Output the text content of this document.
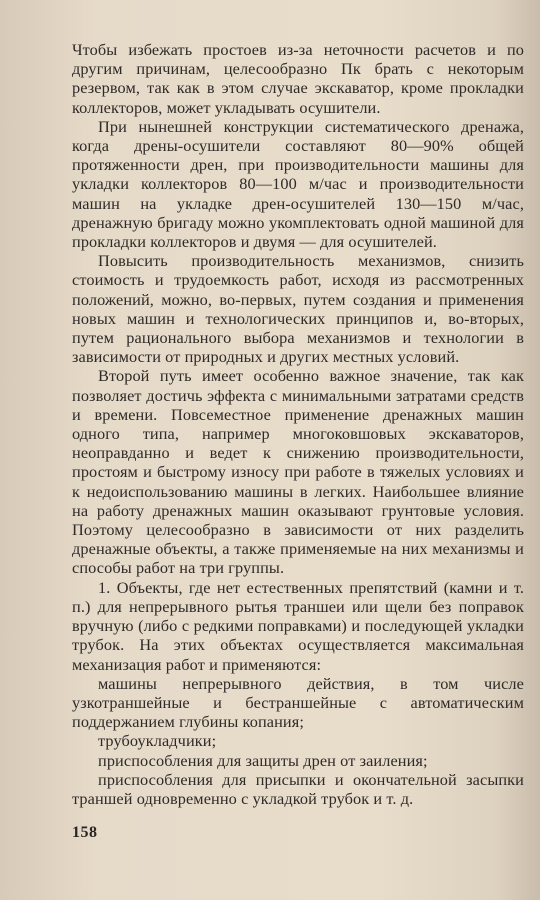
Чтобы избежать простоев из-за неточности расчетов и по другим причинам, целесообразно Пк брать с некоторым резервом, так как в этом случае экскаватор, кроме прокладки коллекторов, может укладывать осушители.

При нынешней конструкции систематического дренажа, когда дрены-осушители составляют 80—90% общей протяженности дрен, при производительности машины для укладки коллекторов 80—100 м/час и производительности машин на укладке дрен-осушителей 130—150 м/час, дренажную бригаду можно укомплектовать одной машиной для прокладки коллекторов и двумя — для осушителей.

Повысить производительность механизмов, снизить стоимость и трудоемкость работ, исходя из рассмотренных положений, можно, во-первых, путем создания и применения новых машин и технологических принципов и, во-вторых, путем рационального выбора механизмов и технологии в зависимости от природных и других местных условий.

Второй путь имеет особенно важное значение, так как позволяет достичь эффекта с минимальными затратами средств и времени. Повсеместное применение дренажных машин одного типа, например многоковшовых экскаваторов, неоправданно и ведет к снижению производительности, простоям и быстрому износу при работе в тяжелых условиях и к недоиспользованию машины в легких. Наибольшее влияние на работу дренажных машин оказывают грунтовые условия. Поэтому целесообразно в зависимости от них разделить дренажные объекты, а также применяемые на них механизмы и способы работ на три группы.

1. Объекты, где нет естественных препятствий (камни и т. п.) для непрерывного рытья траншеи или щели без поправок вручную (либо с редкими поправками) и последующей укладки трубок. На этих объектах осуществляется максимальная механизация работ и применяются:

машины непрерывного действия, в том числе узкотраншейные и бестраншейные с автоматическим поддержанием глубины копания;

трубоукладчики;

приспособления для защиты дрен от заиления;

приспособления для присыпки и окончательной засыпки траншей одновременно с укладкой трубок и т. д.

158
